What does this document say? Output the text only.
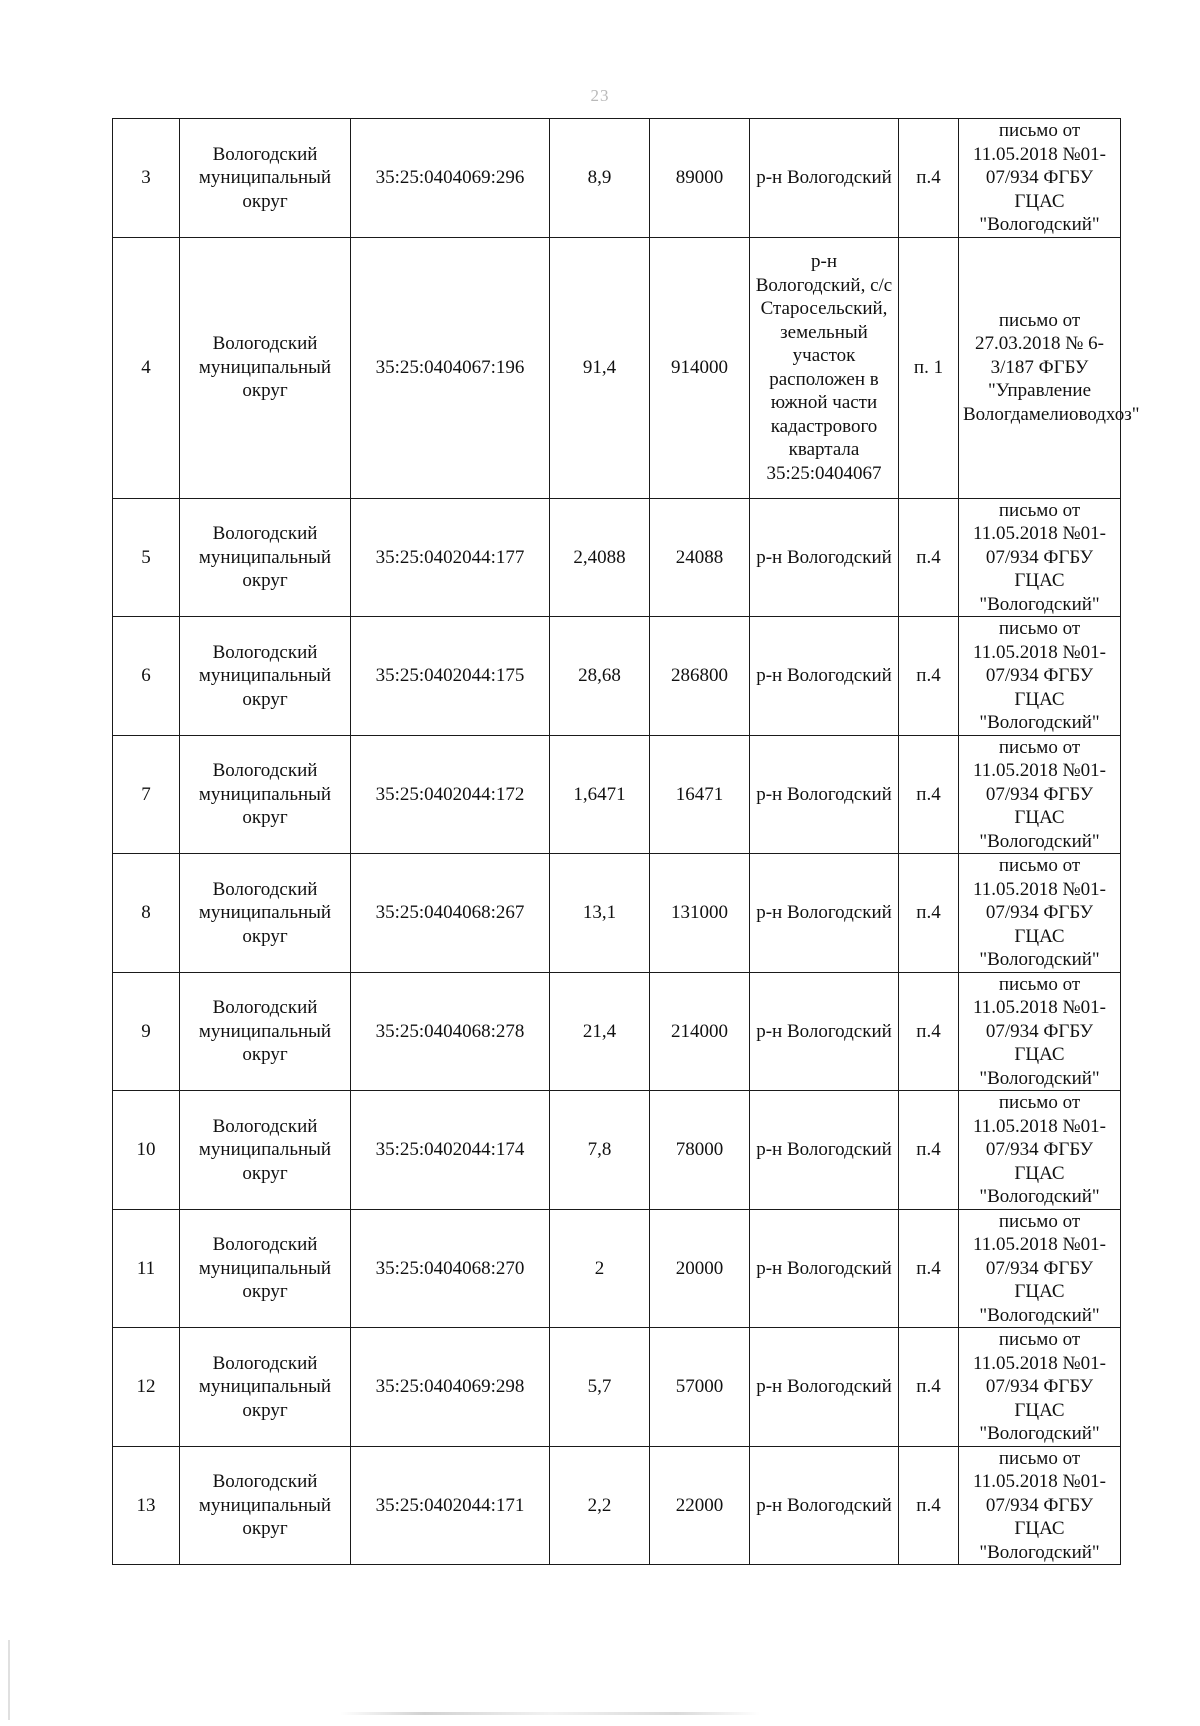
23
3	Вологодский муниципальный округ	35:25:0404069:296	8,9	89000	р-н Вологодский	п.4	письмо от 11.05.2018 №01-07/934 ФГБУ ГЦАС "Вологодский"
4	Вологодский муниципальный округ	35:25:0404067:196	91,4	914000	р-н Вологодский, с/с Старосельский, земельный участок расположен в южной части кадастрового квартала 35:25:0404067	п. 1	письмо от 27.03.2018 № 6-3/187 ФГБУ "Управление Вологдамелиоводхоз"
5	Вологодский муниципальный округ	35:25:0402044:177	2,4088	24088	р-н Вологодский	п.4	письмо от 11.05.2018 №01-07/934 ФГБУ ГЦАС "Вологодский"
6	Вологодский муниципальный округ	35:25:0402044:175	28,68	286800	р-н Вологодский	п.4	письмо от 11.05.2018 №01-07/934 ФГБУ ГЦАС "Вологодский"
7	Вологодский муниципальный округ	35:25:0402044:172	1,6471	16471	р-н Вологодский	п.4	письмо от 11.05.2018 №01-07/934 ФГБУ ГЦАС "Вологодский"
8	Вологодский муниципальный округ	35:25:0404068:267	13,1	131000	р-н Вологодский	п.4	письмо от 11.05.2018 №01-07/934 ФГБУ ГЦАС "Вологодский"
9	Вологодский муниципальный округ	35:25:0404068:278	21,4	214000	р-н Вологодский	п.4	письмо от 11.05.2018 №01-07/934 ФГБУ ГЦАС "Вологодский"
10	Вологодский муниципальный округ	35:25:0402044:174	7,8	78000	р-н Вологодский	п.4	письмо от 11.05.2018 №01-07/934 ФГБУ ГЦАС "Вологодский"
11	Вологодский муниципальный округ	35:25:0404068:270	2	20000	р-н Вологодский	п.4	письмо от 11.05.2018 №01-07/934 ФГБУ ГЦАС "Вологодский"
12	Вологодский муниципальный округ	35:25:0404069:298	5,7	57000	р-н Вологодский	п.4	письмо от 11.05.2018 №01-07/934 ФГБУ ГЦАС "Вологодский"
13	Вологодский муниципальный округ	35:25:0402044:171	2,2	22000	р-н Вологодский	п.4	письмо от 11.05.2018 №01-07/934 ФГБУ ГЦАС "Вологодский"
